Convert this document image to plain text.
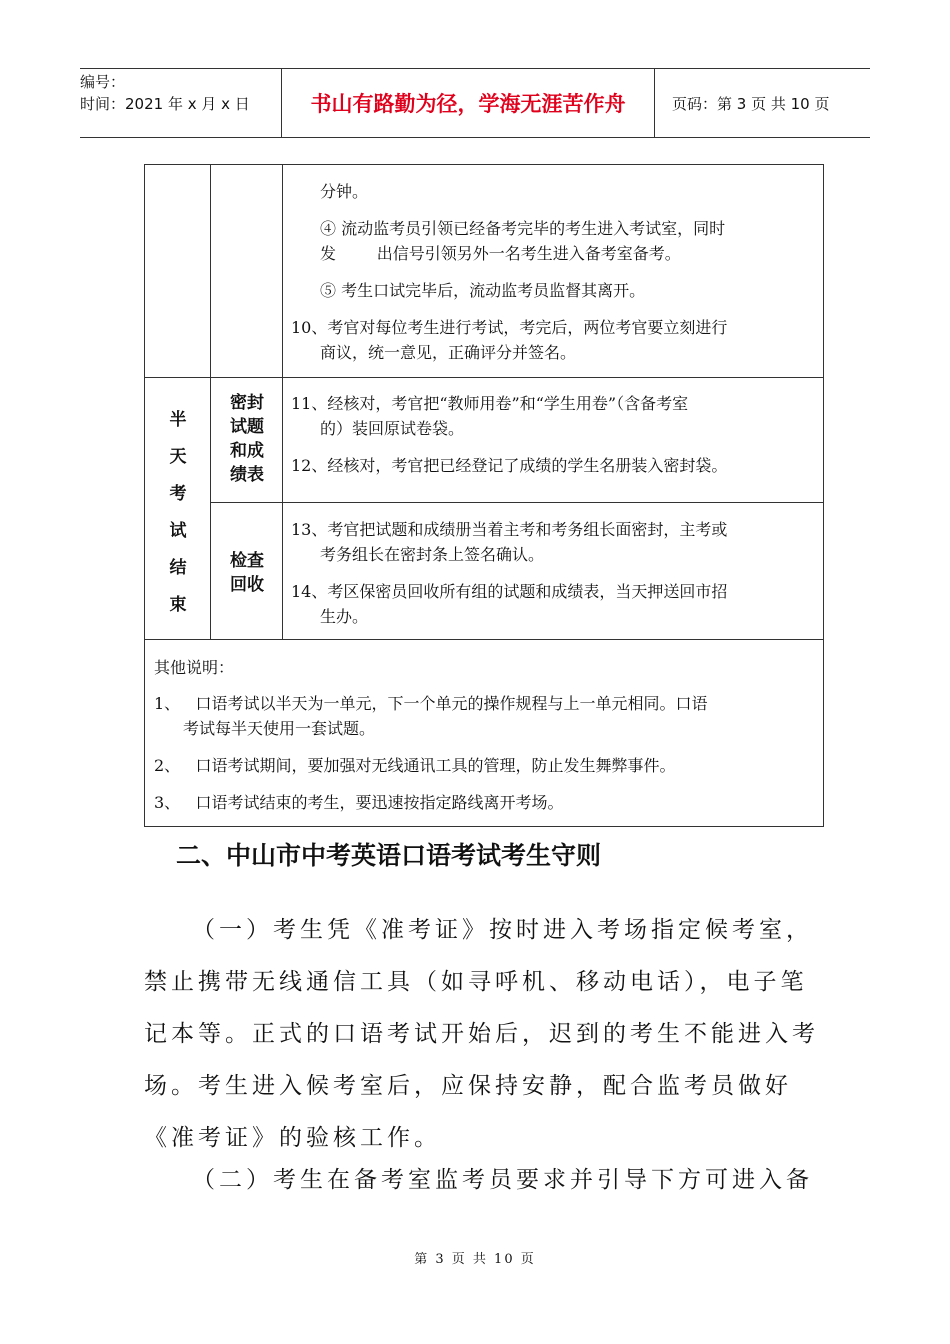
编号：
时间：2021 年 x 月 x 日	书山有路勤为径，学海无涯苦作舟	页码：第 3 页 共 10 页
分钟。
④ 流动监考员引领已经备考完毕的考生进入考试室，同时
发        出信号引领另外一名考生进入备考室备考。
⑤ 考生口试完毕后，流动监考员监督其离开。
10、考官对每位考生进行考试，考完后，两位考官要立刻进行
商议，统一意见，正确评分并签名。
半
天
考
试
结
束
密封
试题
和成
绩表
11、经核对，考官把“教师用卷”和“学生用卷”（含备考室
的）装回原试卷袋。
12、经核对，考官把已经登记了成绩的学生名册装入密封袋。
检查
回收
13、考官把试题和成绩册当着主考和考务组长面密封，主考或
考务组长在密封条上签名确认。
14、考区保密员回收所有组的试题和成绩表，当天押送回市招
生办。
其他说明：
1、   口语考试以半天为一单元，下一个单元的操作规程与上一单元相同。口语
考试每半天使用一套试题。
2、   口语考试期间，要加强对无线通讯工具的管理，防止发生舞弊事件。
3、   口语考试结束的考生，要迅速按指定路线离开考场。
二、中山市中考英语口语考试考生守则
（一）考生凭《准考证》按时进入考场指定候考室，
禁止携带无线通信工具（如寻呼机、移动电话），电子笔
记本等。正式的口语考试开始后，迟到的考生不能进入考
场。考生进入候考室后，应保持安静，配合监考员做好
《准考证》的验核工作。
（二）考生在备考室监考员要求并引导下方可进入备
第 3 页 共 10 页
